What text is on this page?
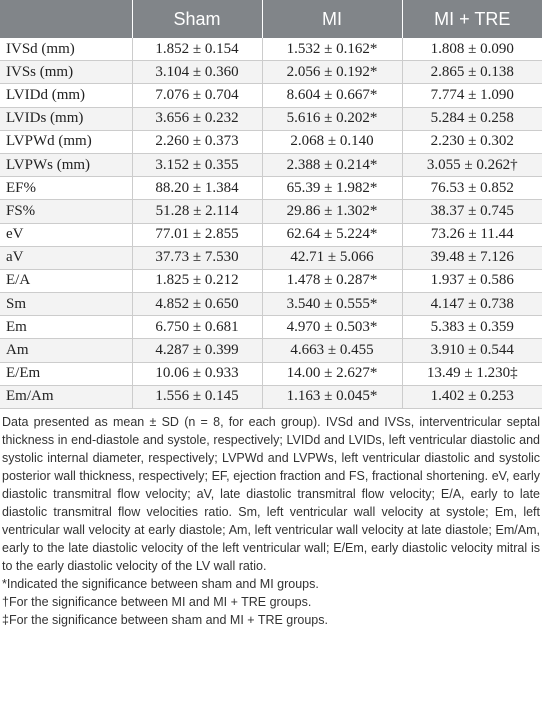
	Sham	MI	MI + TRE
IVSd (mm)	1.852 ± 0.154	1.532 ± 0.162*	1.808 ± 0.090
IVSs (mm)	3.104 ± 0.360	2.056 ± 0.192*	2.865 ± 0.138
LVIDd (mm)	7.076 ± 0.704	8.604 ± 0.667*	7.774 ± 1.090
LVIDs (mm)	3.656 ± 0.232	5.616 ± 0.202*	5.284 ± 0.258
LVPWd (mm)	2.260 ± 0.373	2.068 ± 0.140	2.230 ± 0.302
LVPWs (mm)	3.152 ± 0.355	2.388 ± 0.214*	3.055 ± 0.262†
EF%	88.20 ± 1.384	65.39 ± 1.982*	76.53 ± 0.852
FS%	51.28 ± 2.114	29.86 ± 1.302*	38.37 ± 0.745
eV	77.01 ± 2.855	62.64 ± 5.224*	73.26 ± 11.44
aV	37.73 ± 7.530	42.71 ± 5.066	39.48 ± 7.126
E/A	1.825 ± 0.212	1.478 ± 0.287*	1.937 ± 0.586
Sm	4.852 ± 0.650	3.540 ± 0.555*	4.147 ± 0.738
Em	6.750 ± 0.681	4.970 ± 0.503*	5.383 ± 0.359
Am	4.287 ± 0.399	4.663 ± 0.455	3.910 ± 0.544
E/Em	10.06 ± 0.933	14.00 ± 2.627*	13.49 ± 1.230‡
Em/Am	1.556 ± 0.145	1.163 ± 0.045*	1.402 ± 0.253

Data presented as mean ± SD (n = 8, for each group). IVSd and IVSs, interventricular septal thickness in end-diastole and systole, respectively; LVIDd and LVIDs, left ventricular diastolic and systolic internal diameter, respectively; LVPWd and LVPWs, left ventricular diastolic and systolic posterior wall thickness, respectively; EF, ejection fraction and FS, fractional shortening. eV, early diastolic transmitral flow velocity; aV, late diastolic transmitral flow velocity; E/A, early to late diastolic transmitral flow velocities ratio. Sm, left ventricular wall velocity at systole; Em, left ventricular wall velocity at early diastole; Am, left ventricular wall velocity at late diastole; Em/Am, early to the late diastolic velocity of the left ventricular wall; E/Em, early diastolic velocity mitral is to the early diastolic velocity of the LV wall ratio.

*Indicated the significance between sham and MI groups.

†For the significance between MI and MI + TRE groups.

‡For the significance between sham and MI + TRE groups.
